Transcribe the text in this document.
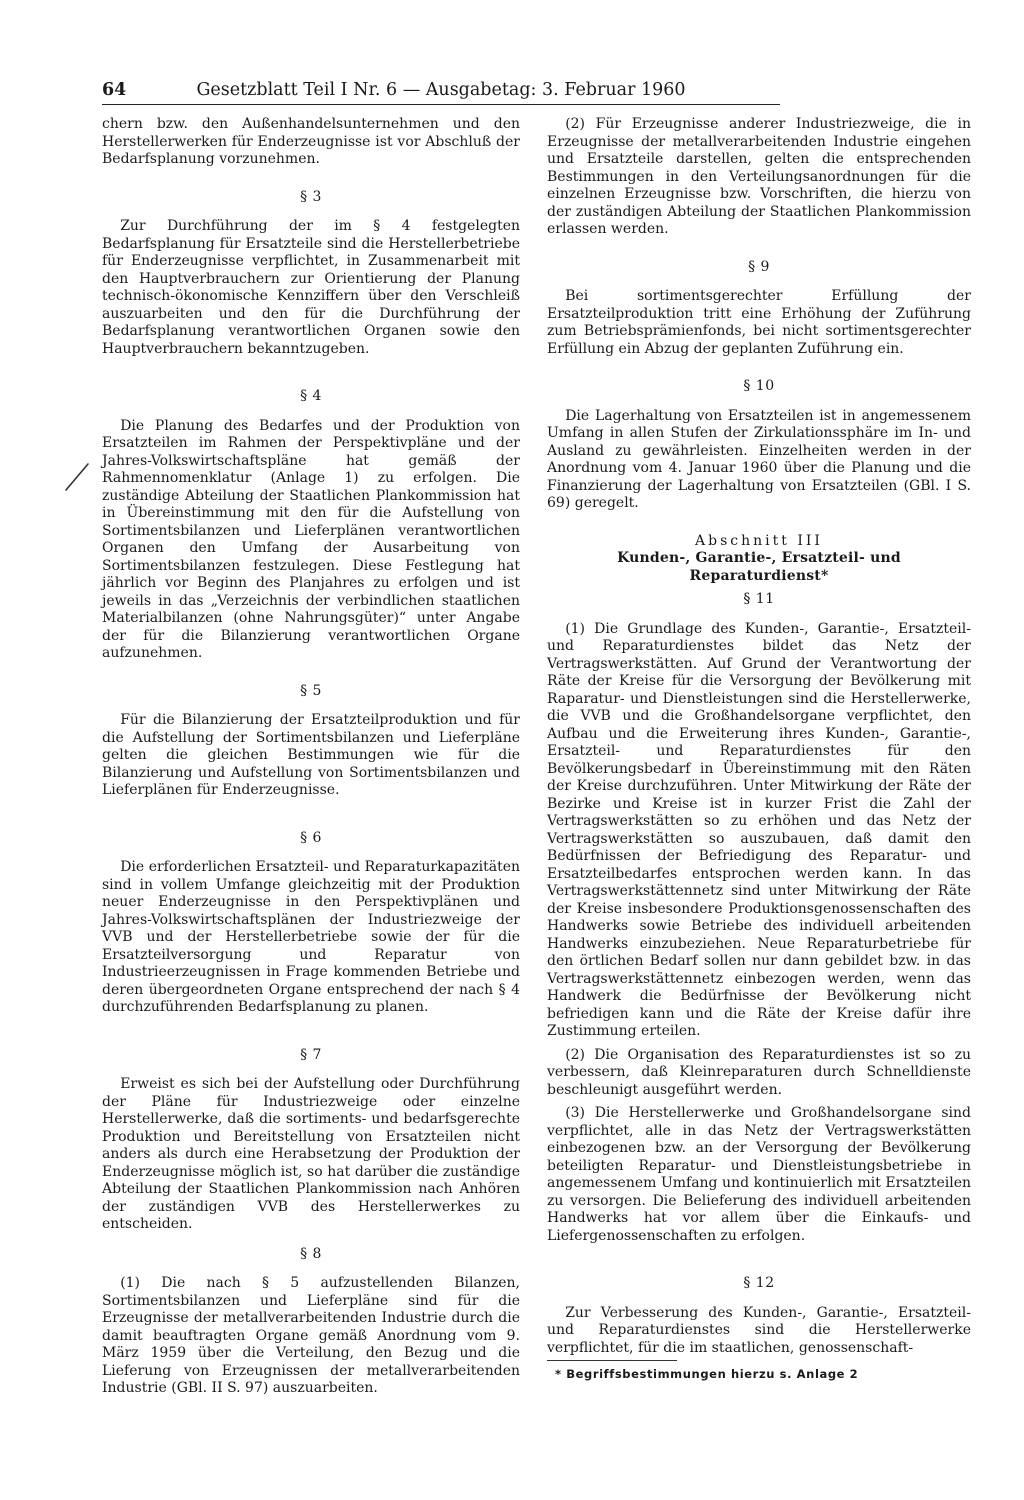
64	Gesetzblatt Teil I Nr. 6 — Ausgabetag: 3. Februar 1960

chern bzw. den Außenhandelsunternehmen und den Herstellerwerken für Enderzeugnisse ist vor Abschluß der Bedarfsplanung vorzunehmen.

§ 3

Zur Durchführung der im § 4 festgelegten Bedarfsplanung für Ersatzteile sind die Herstellerbetriebe für Enderzeugnisse verpflichtet, in Zusammenarbeit mit den Hauptverbrauchern zur Orientierung der Planung technisch-ökonomische Kennziffern über den Verschleiß auszuarbeiten und den für die Durchführung der Bedarfsplanung verantwortlichen Organen sowie den Hauptverbrauchern bekanntzugeben.

§ 4

Die Planung des Bedarfes und der Produktion von Ersatzteilen im Rahmen der Perspektivpläne und der Jahres-Volkswirtschaftspläne hat gemäß der Rahmennomenklatur (Anlage 1) zu erfolgen. Die zuständige Abteilung der Staatlichen Plankommission hat in Übereinstimmung mit den für die Aufstellung von Sortimentsbilanzen und Lieferplänen verantwortlichen Organen den Umfang der Ausarbeitung von Sortimentsbilanzen festzulegen. Diese Festlegung hat jährlich vor Beginn des Planjahres zu erfolgen und ist jeweils in das „Verzeichnis der verbindlichen staatlichen Materialbilanzen (ohne Nahrungsgüter)“ unter Angabe der für die Bilanzierung verantwortlichen Organe aufzunehmen.

§ 5

Für die Bilanzierung der Ersatzteilproduktion und für die Aufstellung der Sortimentsbilanzen und Lieferpläne gelten die gleichen Bestimmungen wie für die Bilanzierung und Aufstellung von Sortimentsbilanzen und Lieferplänen für Enderzeugnisse.

§ 6

Die erforderlichen Ersatzteil- und Reparaturkapazitäten sind in vollem Umfange gleichzeitig mit der Produktion neuer Enderzeugnisse in den Perspektivplänen und Jahres-Volkswirtschaftsplänen der Industriezweige der VVB und der Herstellerbetriebe sowie der für die Ersatzteilversorgung und Reparatur von Industrieerzeugnissen in Frage kommenden Betriebe und deren übergeordneten Organe entsprechend der nach § 4 durchzuführenden Bedarfsplanung zu planen.

§ 7

Erweist es sich bei der Aufstellung oder Durchführung der Pläne für Industriezweige oder einzelne Herstellerwerke, daß die sortiments- und bedarfsgerechte Produktion und Bereitstellung von Ersatzteilen nicht anders als durch eine Herabsetzung der Produktion der Enderzeugnisse möglich ist, so hat darüber die zuständige Abteilung der Staatlichen Plankommission nach Anhören der zuständigen VVB des Herstellerwerkes zu entscheiden.

§ 8

(1) Die nach § 5 aufzustellenden Bilanzen, Sortimentsbilanzen und Lieferpläne sind für die Erzeugnisse der metallverarbeitenden Industrie durch die damit beauftragten Organe gemäß Anordnung vom 9. März 1959 über die Verteilung, den Bezug und die Lieferung von Erzeugnissen der metallverarbeitenden Industrie (GBl. II S. 97) auszuarbeiten.

(2) Für Erzeugnisse anderer Industriezweige, die in Erzeugnisse der metallverarbeitenden Industrie eingehen und Ersatzteile darstellen, gelten die entsprechenden Bestimmungen in den Verteilungsanordnungen für die einzelnen Erzeugnisse bzw. Vorschriften, die hierzu von der zuständigen Abteilung der Staatlichen Plankommission erlassen werden.

§ 9

Bei sortimentsgerechter Erfüllung der Ersatzteilproduktion tritt eine Erhöhung der Zuführung zum Betriebsprämienfonds, bei nicht sortimentsgerechter Erfüllung ein Abzug der geplanten Zuführung ein.

§ 10

Die Lagerhaltung von Ersatzteilen ist in angemessenem Umfang in allen Stufen der Zirkulationssphäre im In- und Ausland zu gewährleisten. Einzelheiten werden in der Anordnung vom 4. Januar 1960 über die Planung und die Finanzierung der Lagerhaltung von Ersatzteilen (GBl. I S. 69) geregelt.

Abschnitt III

Kunden-, Garantie-, Ersatzteil- und Reparaturdienst*

§ 11

(1) Die Grundlage des Kunden-, Garantie-, Ersatzteil- und Reparaturdienstes bildet das Netz der Vertragswerkstätten. Auf Grund der Verantwortung der Räte der Kreise für die Versorgung der Bevölkerung mit Raparatur- und Dienstleistungen sind die Herstellerwerke, die VVB und die Großhandelsorgane verpflichtet, den Aufbau und die Erweiterung ihres Kunden-, Garantie-, Ersatzteil- und Reparaturdienstes für den Bevölkerungsbedarf in Übereinstimmung mit den Räten der Kreise durchzuführen. Unter Mitwirkung der Räte der Bezirke und Kreise ist in kurzer Frist die Zahl der Vertragswerkstätten so zu erhöhen und das Netz der Vertragswerkstätten so auszubauen, daß damit den Bedürfnissen der Befriedigung des Reparatur- und Ersatzteilbedarfes entsprochen werden kann. In das Vertragswerkstättennetz sind unter Mitwirkung der Räte der Kreise insbesondere Produktionsgenossenschaften des Handwerks sowie Betriebe des individuell arbeitenden Handwerks einzubeziehen. Neue Reparaturbetriebe für den örtlichen Bedarf sollen nur dann gebildet bzw. in das Vertragswerkstättennetz einbezogen werden, wenn das Handwerk die Bedürfnisse der Bevölkerung nicht befriedigen kann und die Räte der Kreise dafür ihre Zustimmung erteilen.

(2) Die Organisation des Reparaturdienstes ist so zu verbessern, daß Kleinreparaturen durch Schnelldienste beschleunigt ausgeführt werden.

(3) Die Herstellerwerke und Großhandelsorgane sind verpflichtet, alle in das Netz der Vertragswerkstätten einbezogenen bzw. an der Versorgung der Bevölkerung beteiligten Reparatur- und Dienstleistungsbetriebe in angemessenem Umfang und kontinuierlich mit Ersatzteilen zu versorgen. Die Belieferung des individuell arbeitenden Handwerks hat vor allem über die Einkaufs- und Liefergenossenschaften zu erfolgen.

§ 12

Zur Verbesserung des Kunden-, Garantie-, Ersatzteil- und Reparaturdienstes sind die Herstellerwerke verpflichtet, für die im staatlichen, genossenschaft-

* Begriffsbestimmungen hierzu s. Anlage 2
